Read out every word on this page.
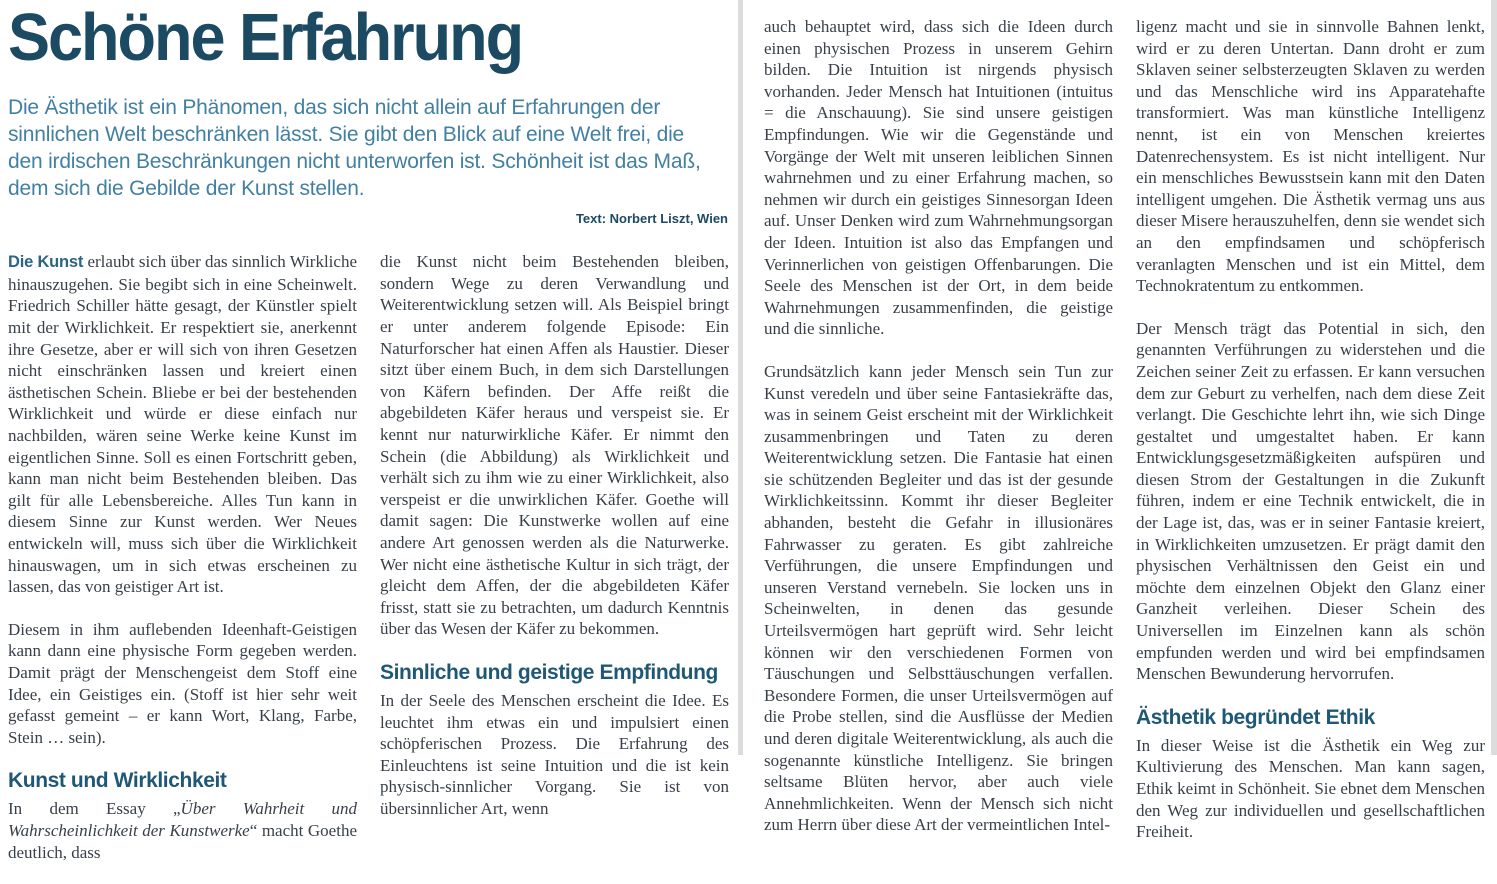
Schöne Erfahrung

Die Ästhetik ist ein Phänomen, das sich nicht allein auf Erfahrungen der sinnlichen Welt beschränken lässt. Sie gibt den Blick auf eine Welt frei, die den irdischen Beschränkungen nicht unterworfen ist. Schönheit ist das Maß, dem sich die Gebilde der Kunst stellen.

Text: Norbert Liszt, Wien

Die Kunst erlaubt sich über das sinnlich Wirkliche hinauszugehen. Sie begibt sich in eine Scheinwelt. Friedrich Schiller hätte gesagt, der Künstler spielt mit der Wirklichkeit. Er respektiert sie, anerkennt ihre Gesetze, aber er will sich von ihren Gesetzen nicht einschränken lassen und kreiert einen ästhetischen Schein. Bliebe er bei der bestehenden Wirklichkeit und würde er diese einfach nur nachbilden, wären seine Werke keine Kunst im eigentlichen Sinne. Soll es einen Fortschritt geben, kann man nicht beim Bestehenden bleiben. Das gilt für alle Lebensbereiche. Alles Tun kann in diesem Sinne zur Kunst werden. Wer Neues entwickeln will, muss sich über die Wirklichkeit hinauswagen, um in sich etwas erscheinen zu lassen, das von geistiger Art ist.

Diesem in ihm auflebenden Ideenhaft-Geistigen kann dann eine physische Form gegeben werden. Damit prägt der Menschengeist dem Stoff eine Idee, ein Geistiges ein. (Stoff ist hier sehr weit gefasst gemeint – er kann Wort, Klang, Farbe, Stein … sein).

Kunst und Wirklichkeit

In dem Essay „Über Wahrheit und Wahrscheinlichkeit der Kunstwerke“ macht Goethe deutlich, dass

die Kunst nicht beim Bestehenden bleiben, sondern Wege zu deren Verwandlung und Weiterentwicklung setzen will. Als Beispiel bringt er unter anderem folgende Episode: Ein Naturforscher hat einen Affen als Haustier. Dieser sitzt über einem Buch, in dem sich Darstellungen von Käfern befinden. Der Affe reißt die abgebildeten Käfer heraus und verspeist sie. Er kennt nur naturwirkliche Käfer. Er nimmt den Schein (die Abbildung) als Wirklichkeit und verhält sich zu ihm wie zu einer Wirklichkeit, also verspeist er die unwirklichen Käfer. Goethe will damit sagen: Die Kunstwerke wollen auf eine andere Art genossen werden als die Naturwerke. Wer nicht eine ästhetische Kultur in sich trägt, der gleicht dem Affen, der die abgebildeten Käfer frisst, statt sie zu betrachten, um dadurch Kenntnis über das Wesen der Käfer zu bekommen.

Sinnliche und geistige Empfindung

In der Seele des Menschen erscheint die Idee. Es leuchtet ihm etwas ein und impulsiert einen schöpferischen Prozess. Die Erfahrung des Einleuchtens ist seine Intuition und die ist kein physisch-sinnlicher Vorgang. Sie ist von übersinnlicher Art, wenn

auch behauptet wird, dass sich die Ideen durch einen physischen Prozess in unserem Gehirn bilden. Die Intuition ist nirgends physisch vorhanden. Jeder Mensch hat Intuitionen (intuitus = die Anschauung). Sie sind unsere geistigen Empfindungen. Wie wir die Gegenstände und Vorgänge der Welt mit unseren leiblichen Sinnen wahrnehmen und zu einer Erfahrung machen, so nehmen wir durch ein geistiges Sinnesorgan Ideen auf. Unser Denken wird zum Wahrnehmungsorgan der Ideen. Intuition ist also das Empfangen und Verinnerlichen von geistigen Offenbarungen. Die Seele des Menschen ist der Ort, in dem beide Wahrnehmungen zusammenfinden, die geistige und die sinnliche.

Grundsätzlich kann jeder Mensch sein Tun zur Kunst veredeln und über seine Fantasiekräfte das, was in seinem Geist erscheint mit der Wirklichkeit zusammenbringen und Taten zu deren Weiterentwicklung setzen. Die Fantasie hat einen sie schützenden Begleiter und das ist der gesunde Wirklichkeitssinn. Kommt ihr dieser Begleiter abhanden, besteht die Gefahr in illusionäres Fahrwasser zu geraten. Es gibt zahlreiche Verführungen, die unsere Empfindungen und unseren Verstand vernebeln. Sie locken uns in Scheinwelten, in denen das gesunde Urteilsvermögen hart geprüft wird. Sehr leicht können wir den verschiedenen Formen von Täuschungen und Selbsttäuschungen verfallen. Besondere Formen, die unser Urteilsvermögen auf die Probe stellen, sind die Ausflüsse der Medien und deren digitale Weiterentwicklung, als auch die sogenannte künstliche Intelligenz. Sie bringen seltsame Blüten hervor, aber auch viele Annehmlichkeiten. Wenn der Mensch sich nicht zum Herrn über diese Art der vermeintlichen Intel-

ligenz macht und sie in sinnvolle Bahnen lenkt, wird er zu deren Untertan. Dann droht er zum Sklaven seiner selbsterzeugten Sklaven zu werden und das Menschliche wird ins Apparatehafte transformiert. Was man künstliche Intelligenz nennt, ist ein von Menschen kreiertes Datenrechensystem. Es ist nicht intelligent. Nur ein menschliches Bewusstsein kann mit den Daten intelligent umgehen. Die Ästhetik vermag uns aus dieser Misere herauszuhelfen, denn sie wendet sich an den empfindsamen und schöpferisch veranlagten Menschen und ist ein Mittel, dem Technokratentum zu entkommen.

Der Mensch trägt das Potential in sich, den genannten Verführungen zu widerstehen und die Zeichen seiner Zeit zu erfassen. Er kann versuchen dem zur Geburt zu verhelfen, nach dem diese Zeit verlangt. Die Geschichte lehrt ihn, wie sich Dinge gestaltet und umgestaltet haben. Er kann Entwicklungsgesetzmäßigkeiten aufspüren und diesen Strom der Gestaltungen in die Zukunft führen, indem er eine Technik entwickelt, die in der Lage ist, das, was er in seiner Fantasie kreiert, in Wirklichkeiten umzusetzen. Er prägt damit den physischen Verhältnissen den Geist ein und möchte dem einzelnen Objekt den Glanz einer Ganzheit verleihen. Dieser Schein des Universellen im Einzelnen kann als schön empfunden werden und wird bei empfindsamen Menschen Bewunderung hervorrufen.

Ästhetik begründet Ethik

In dieser Weise ist die Ästhetik ein Weg zur Kultivierung des Menschen. Man kann sagen, Ethik keimt in Schönheit. Sie ebnet dem Menschen den Weg zur individuellen und gesellschaftlichen Freiheit.
